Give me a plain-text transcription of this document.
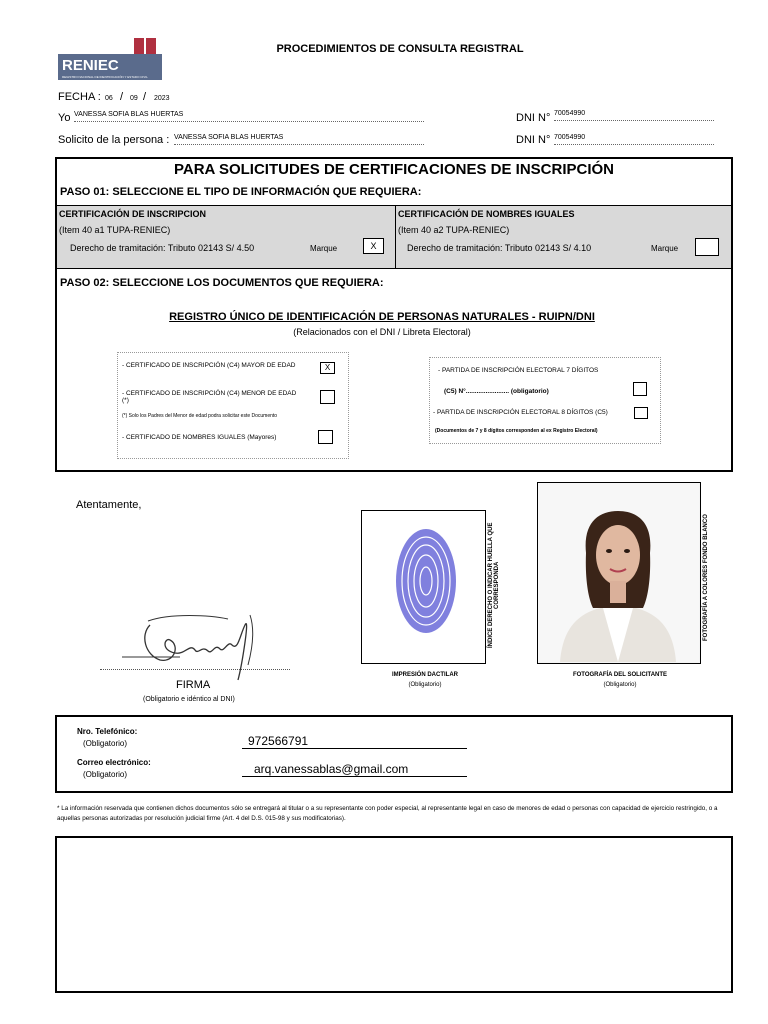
RENIEC
REGISTRO NACIONAL DE IDENTIFICACIÓN Y ESTADO CIVIL
PROCEDIMIENTOS DE CONSULTA REGISTRAL
FECHA : 06 / 09 / 2023
Yo VANESSA SOFIA BLAS HUERTAS	DNI N° 70054990
Solicito de la persona : VANESSA SOFIA BLAS HUERTAS	DNI N° 70054990
PARA SOLICITUDES DE CERTIFICACIONES DE INSCRIPCIÓN
PASO 01: SELECCIONE EL TIPO DE INFORMACIÓN QUE REQUIERA:
CERTIFICACIÓN DE INSCRIPCION
(Item 40 a1 TUPA-RENIEC)
Derecho de tramitación: Tributo 02143 S/ 4.50	Marque	X
CERTIFICACIÓN DE NOMBRES IGUALES
(Item 40 a2 TUPA-RENIEC)
Derecho de tramitación: Tributo 02143 S/ 4.10	Marque
PASO 02: SELECCIONE LOS DOCUMENTOS QUE REQUIERA:
REGISTRO ÚNICO DE IDENTIFICACIÓN DE PERSONAS NATURALES - RUIPN/DNI
(Relacionados con el DNI / Libreta Electoral)
- CERTIFICADO DE INSCRIPCIÓN (C4) MAYOR DE EDAD	X
- CERTIFICADO DE INSCRIPCIÓN (C4) MENOR DE EDAD (*)
(*) Solo los Padres del Menor de edad podra solicitar este Documento
- CERTIFICADO DE NOMBRES IGUALES (Mayores)
- PARTIDA DE INSCRIPCIÓN ELECTORAL 7 DÍGITOS
(C5) N°........................ (obligatorio)
- PARTIDA DE INSCRIPCIÓN ELECTORAL 8 DÍGITOS (C5)
(Documentos de 7 y 8 dígitos corresponden al ex Registro Electoral)
Atentamente,
FIRMA
(Obligatorio e idéntico al DNI)
ÍNDICE DERECHO O INDICAR HUELLA QUE CORRESPONDA
IMPRESIÓN DACTILAR
(Obligatorio)
FOTOGRAFÍA A COLORES FONDO BLANCO
FOTOGRAFÍA DEL SOLICITANTE
(Obligatorio)
Nro. Telefónico:
(Obligatorio)	972566791
Correo electrónico:
(Obligatorio)	arq.vanessablas@gmail.com
* La información reservada que contienen dichos documentos sólo se entregará al titular o a su representante con poder especial, al representante legal en caso de menores de edad o personas con capacidad de ejercicio restringido, o a aquellas personas autorizadas por resolución judicial firme (Art. 4 del D.S. 015-98 y sus modificatorias).
